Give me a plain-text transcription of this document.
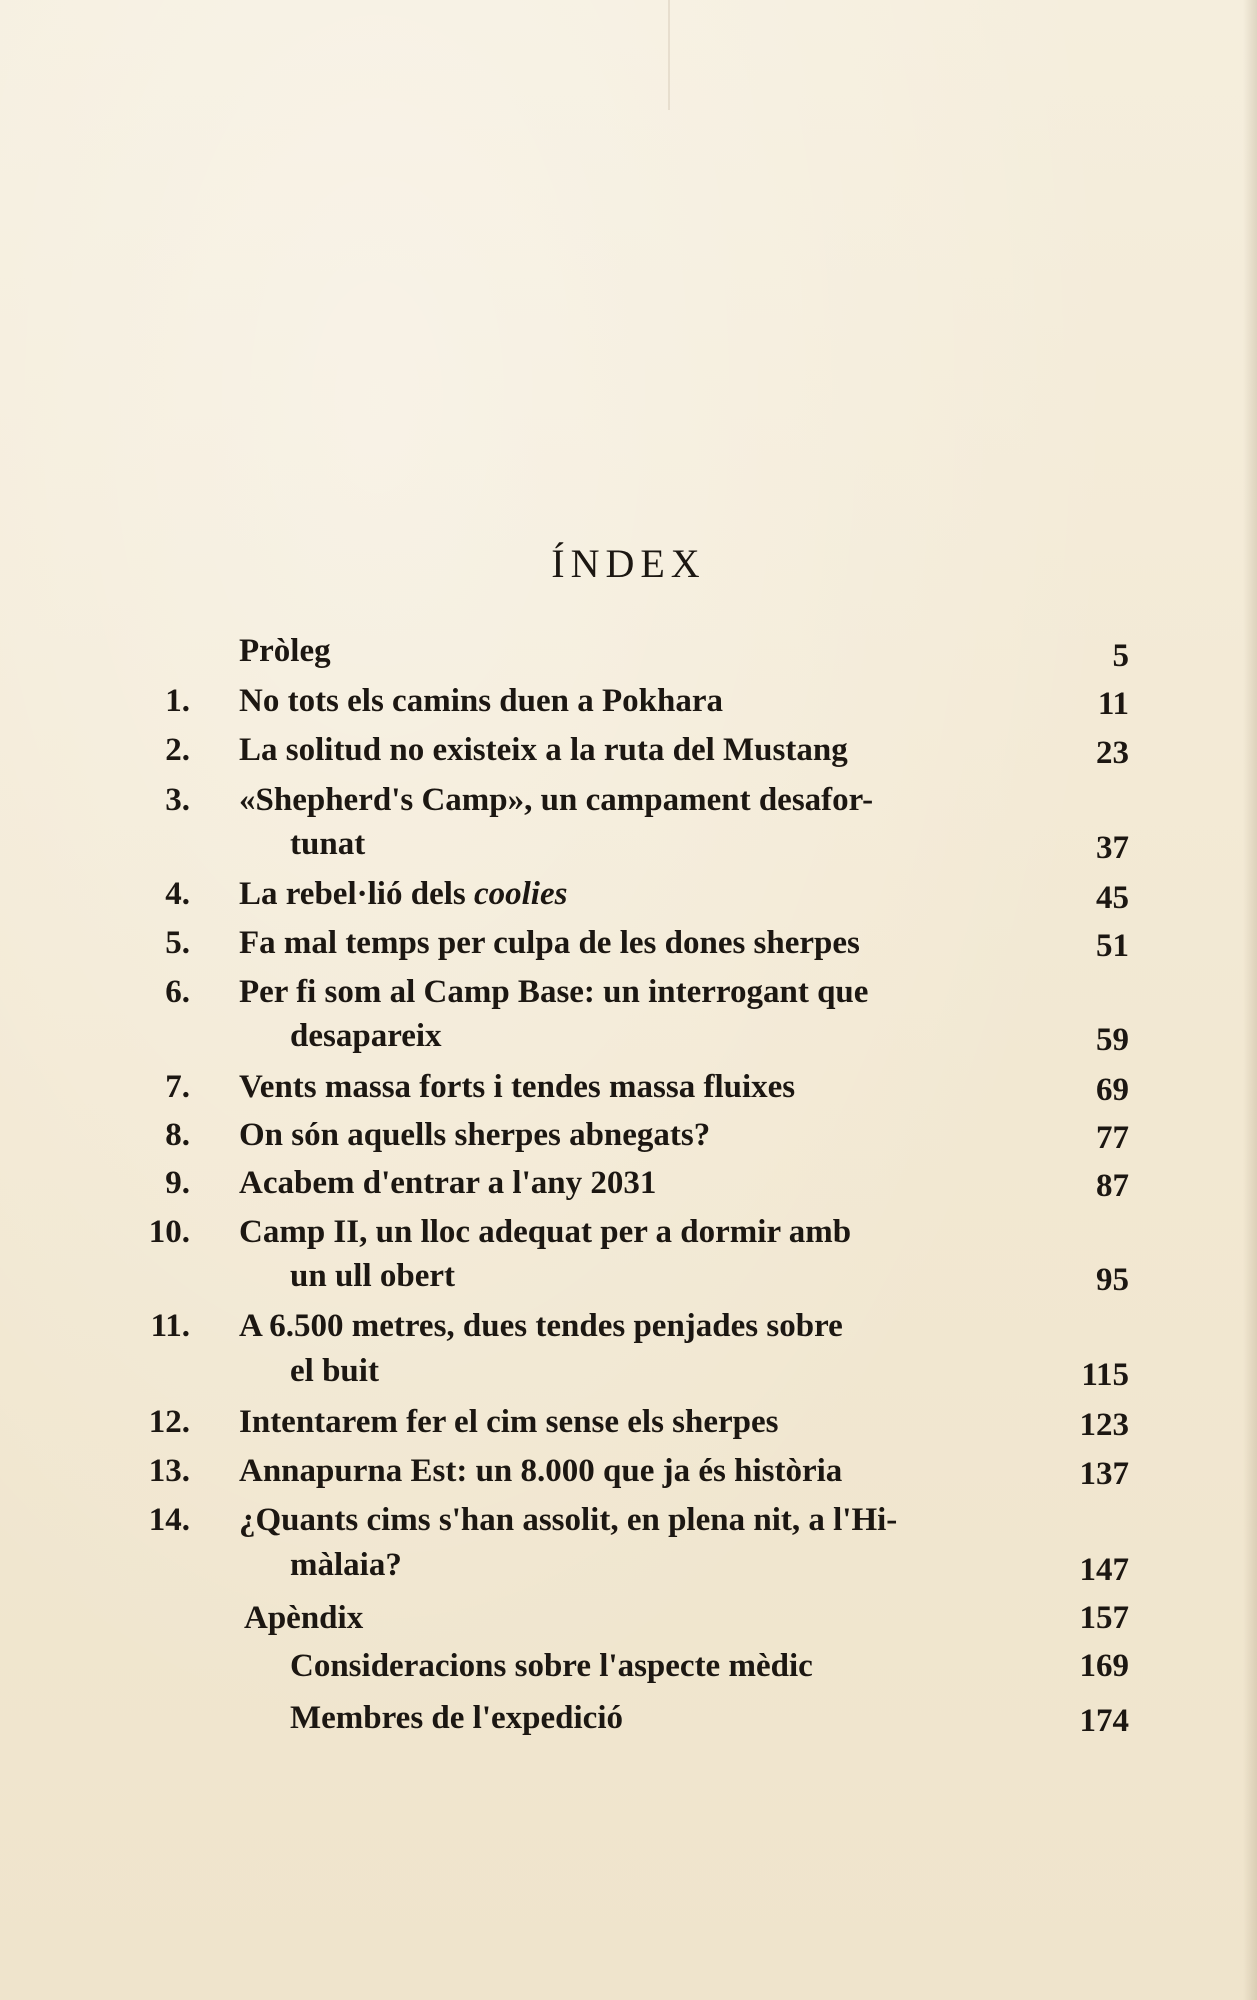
ÍNDEX
Pròleg	5
1. No tots els camins duen a Pokhara	11
2. La solitud no existeix a la ruta del Mustang	23
3. «Shepherd's Camp», un campament desafor-
tunat	37
4. La rebel·lió dels coolies	45
5. Fa mal temps per culpa de les dones sherpes	51
6. Per fi som al Camp Base: un interrogant que
desapareix	59
7. Vents massa forts i tendes massa fluixes	69
8. On són aquells sherpes abnegats?	77
9. Acabem d'entrar a l'any 2031	87
10. Camp II, un lloc adequat per a dormir amb
un ull obert	95
11. A 6.500 metres, dues tendes penjades sobre
el buit	115
12. Intentarem fer el cim sense els sherpes	123
13. Annapurna Est: un 8.000 que ja és història	137
14. ¿Quants cims s'han assolit, en plena nit, a l'Hi-
màlaia?	147
Apèndix	157
Consideracions sobre l'aspecte mèdic	169
Membres de l'expedició	174
